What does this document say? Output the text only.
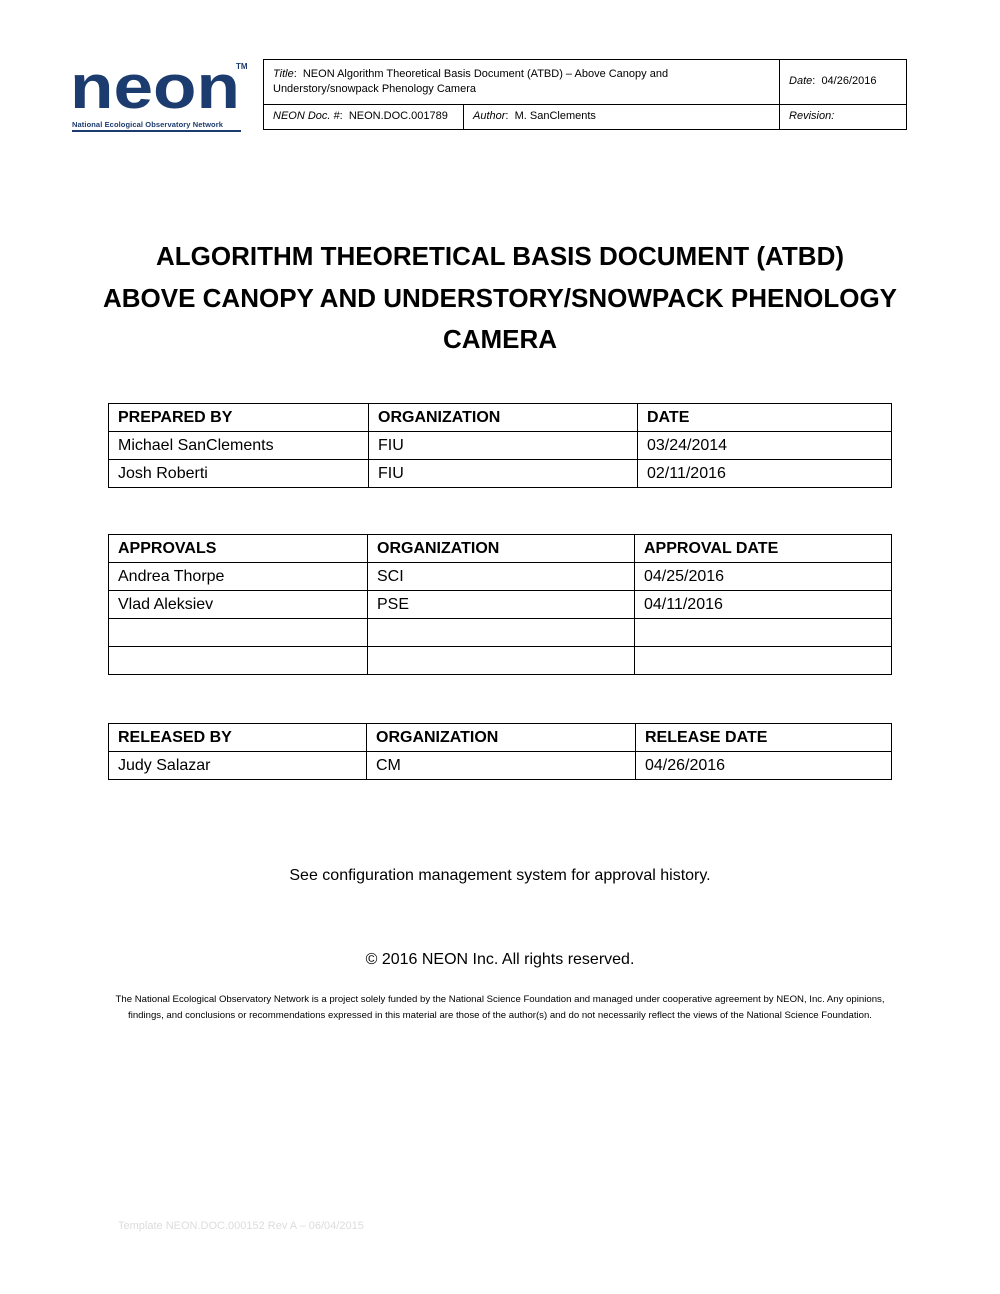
neon
TM
National Ecological Observatory Network
Title:  NEON Algorithm Theoretical Basis Document (ATBD) – Above Canopy and Understory/snowpack Phenology Camera		Date:  04/26/2016
NEON Doc. #:  NEON.DOC.001789	Author:  M. SanClements	Revision:
ALGORITHM THEORETICAL BASIS DOCUMENT (ATBD)
ABOVE CANOPY AND UNDERSTORY/SNOWPACK PHENOLOGY
CAMERA
PREPARED BY	ORGANIZATION	DATE
Michael SanClements	FIU	03/24/2014
Josh Roberti	FIU	02/11/2016
APPROVALS	ORGANIZATION	APPROVAL DATE
Andrea Thorpe	SCI	04/25/2016
Vlad Aleksiev	PSE	04/11/2016

RELEASED BY	ORGANIZATION	RELEASE DATE
Judy Salazar	CM	04/26/2016
See configuration management system for approval history.
© 2016 NEON Inc. All rights reserved.
The National Ecological Observatory Network is a project solely funded by the National Science Foundation and managed under cooperative agreement by NEON, Inc. Any opinions, findings, and conclusions or recommendations expressed in this material are those of the author(s) and do not necessarily reflect the views of the National Science Foundation.
Template NEON.DOC.000152 Rev A – 06/04/2015
